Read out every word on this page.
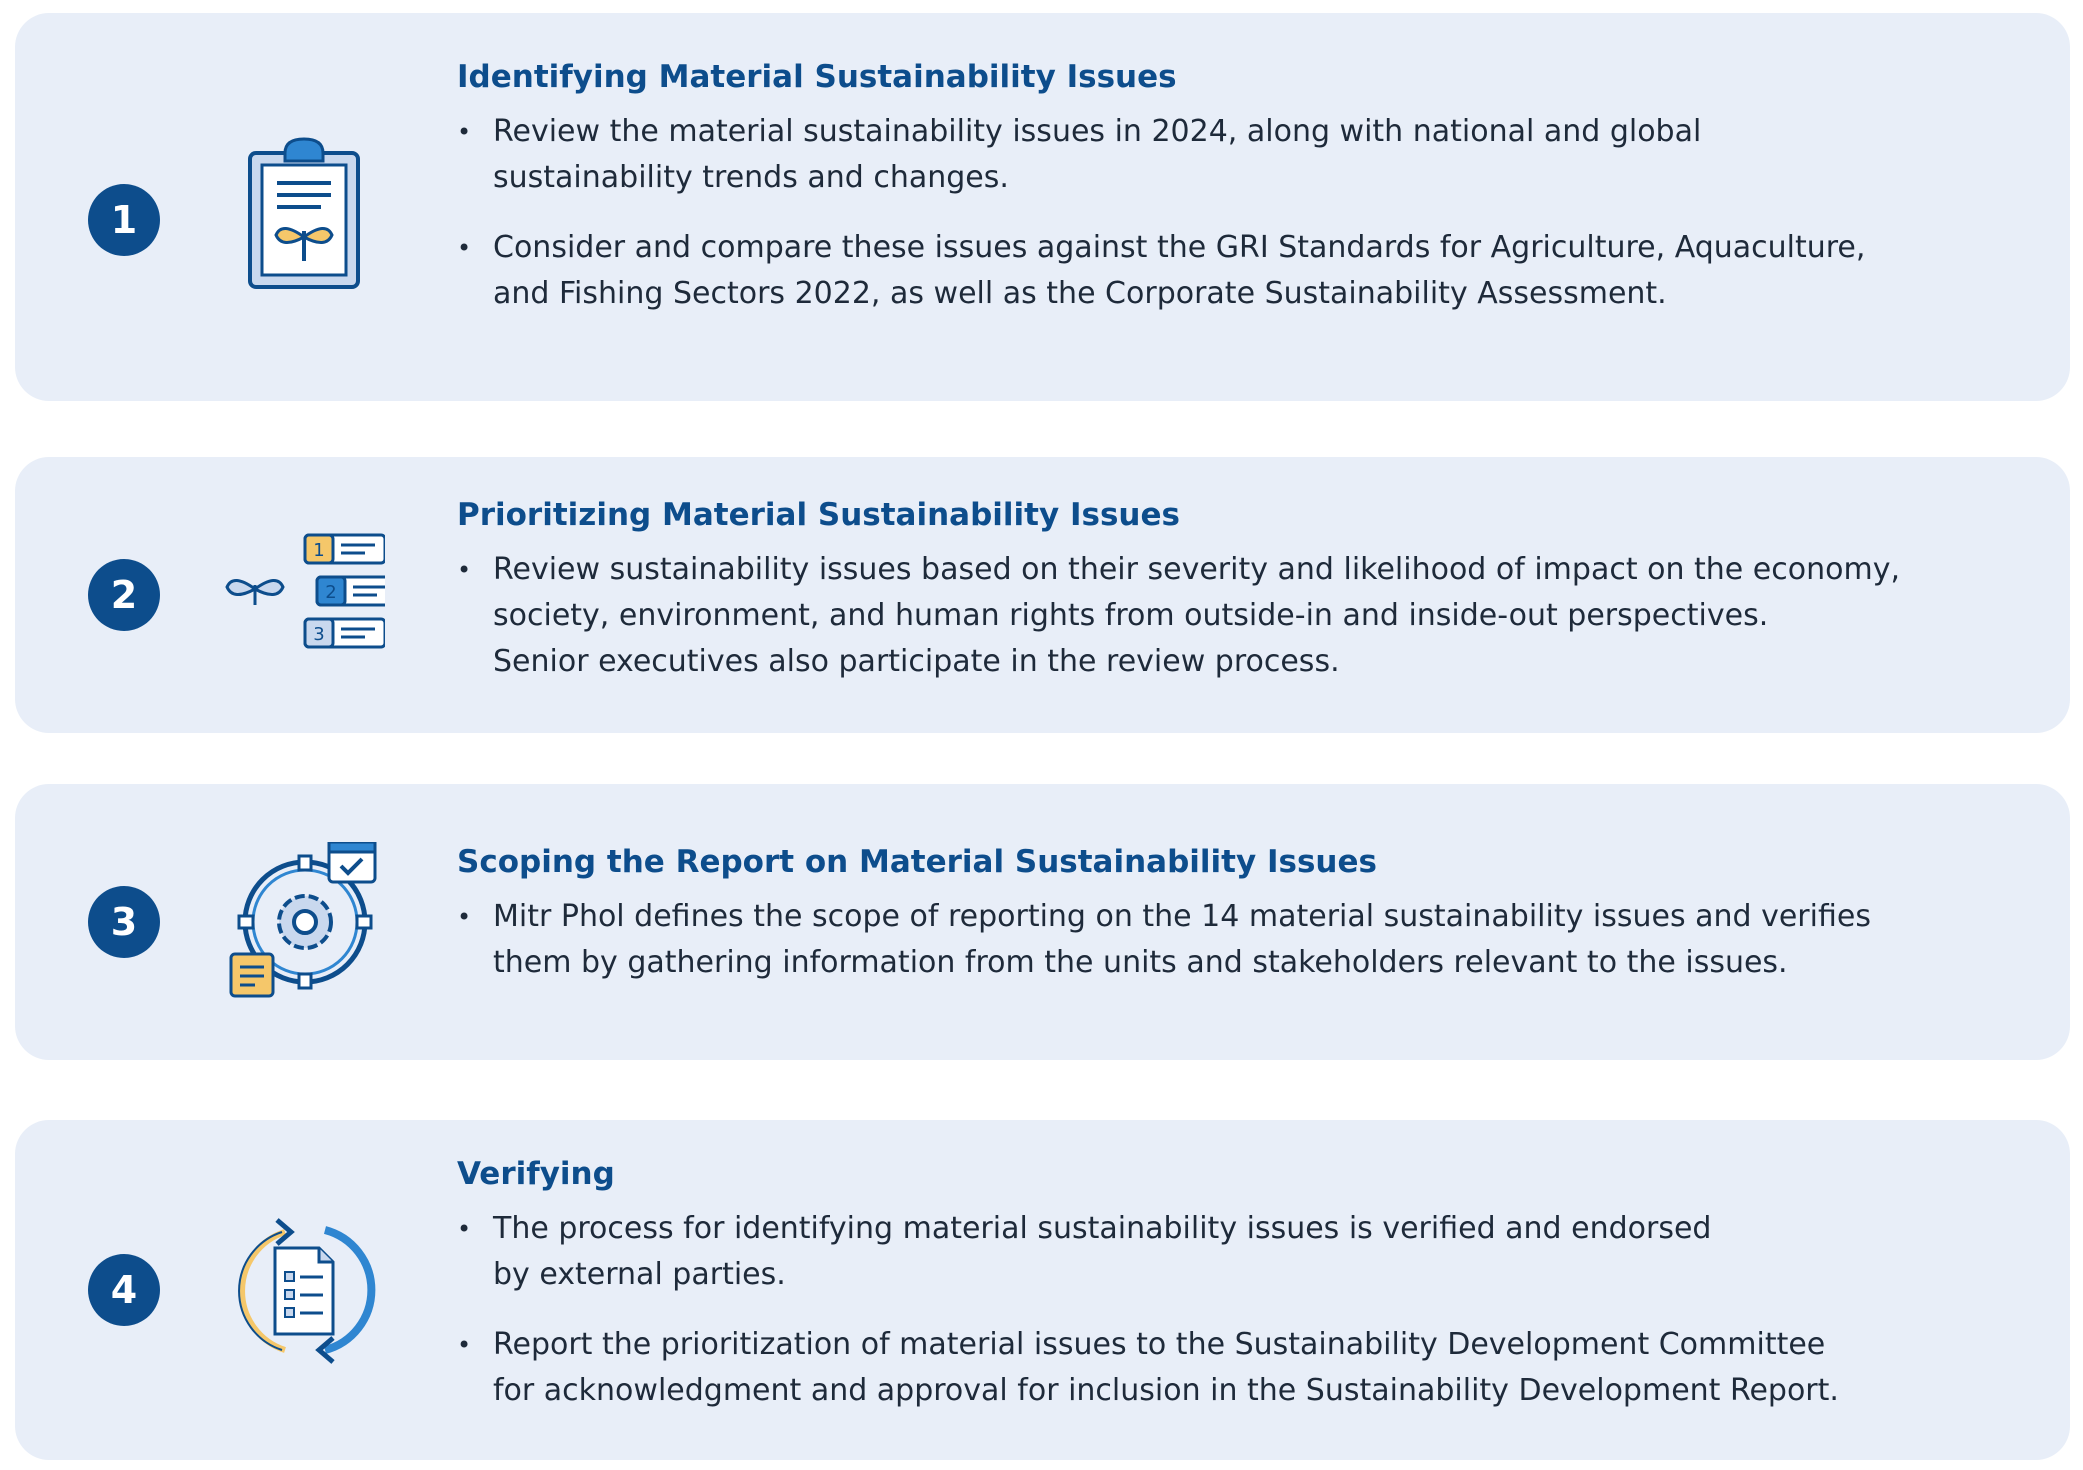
1
Identifying Material Sustainability Issues
• Review the material sustainability issues in 2024, along with national and global
sustainability trends and changes.
• Consider and compare these issues against the GRI Standards for Agriculture, Aquaculture,
and Fishing Sectors 2022, as well as the Corporate Sustainability Assessment.
2
1
2
3
Prioritizing Material Sustainability Issues
• Review sustainability issues based on their severity and likelihood of impact on the economy,
society, environment, and human rights from outside-in and inside-out perspectives.
Senior executives also participate in the review process.
3
Scoping the Report on Material Sustainability Issues
• Mitr Phol defines the scope of reporting on the 14 material sustainability issues and verifies
them by gathering information from the units and stakeholders relevant to the issues.
4
Verifying
• The process for identifying material sustainability issues is verified and endorsed
by external parties.
• Report the prioritization of material issues to the Sustainability Development Committee
for acknowledgment and approval for inclusion in the Sustainability Development Report.
